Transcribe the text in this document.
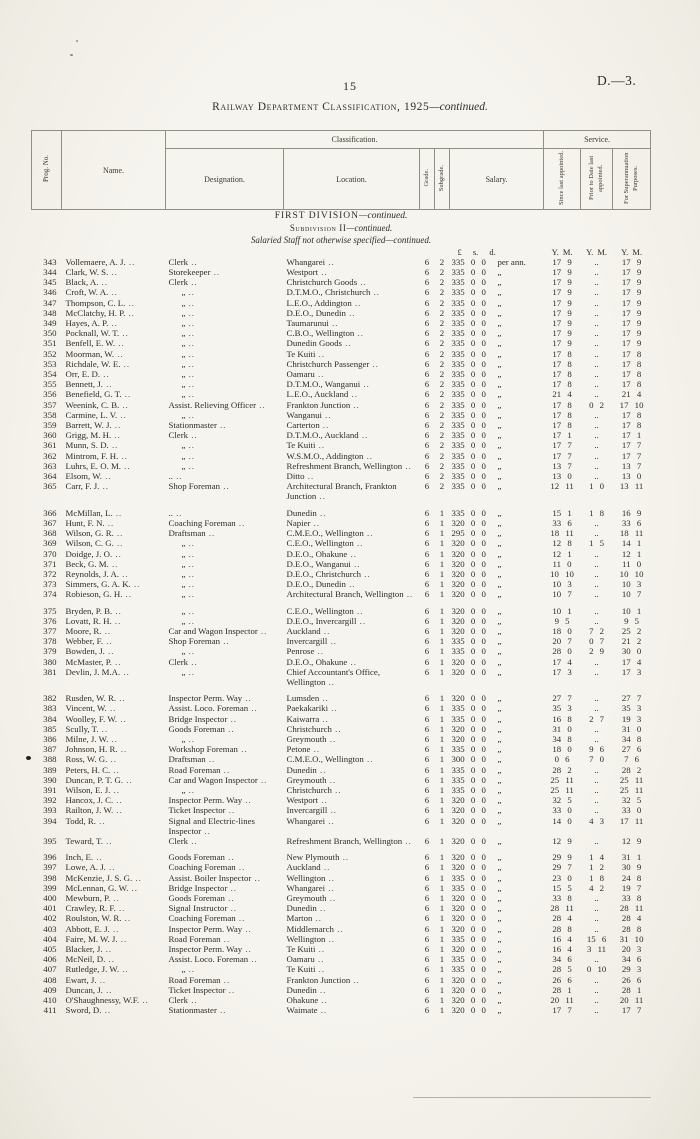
15	D.—3.
Railway Department Classification, 1925—continued.
Prog. No.	Name.	Classification.					Service.		
		Designation.	Location.	Grade.	Subgrade.	Salary.	Since last appointed.	Prior to Date last appointed.	For Superannuation Purposes.
FIRST DIVISION—continued.									
Subdivision II—continued.									
Salaried Staff not otherwise specified—continued.									
						£ s. d.	Y. M.	Y. M.	Y. M.
343	Vollemaere, A. J. ..	Clerk ..	Whangarei ..	6	2	335 0 0 per ann.	17 9	..	17 9
344	Clark, W. S. ..	Storekeeper ..	Westport ..	6	2	335 0 0 „	17 9	..	17 9
345	Black, A. ..	Clerk ..	Christchurch Goods ..	6	2	335 0 0 „	17 9	..	17 9
346	Croft, W. A. ..	„ ..	D.T.M.O., Christchurch ..	6	2	335 0 0 „	17 9	..	17 9
347	Thompson, C. L. ..	„ ..	L.E.O., Addington ..	6	2	335 0 0 „	17 9	..	17 9
348	McClatchy, H. P. ..	„ ..	D.E.O., Dunedin ..	6	2	335 0 0 „	17 9	..	17 9
349	Hayes, A. P. ..	„ ..	Taumarunui ..	6	2	335 0 0 „	17 9	..	17 9
350	Pocknall, W. T. ..	„ ..	C.B.O., Wellington ..	6	2	335 0 0 „	17 9	..	17 9
351	Benfell, E. W. ..	„ ..	Dunedin Goods ..	6	2	335 0 0 „	17 9	..	17 9
352	Moorman, W. ..	„ ..	Te Kuiti ..	6	2	335 0 0 „	17 8	..	17 8
353	Richdale, W. E. ..	„ ..	Christchurch Passenger ..	6	2	335 0 0 „	17 8	..	17 8
354	Orr, E. D. ..	„ ..	Oamaru ..	6	2	335 0 0 „	17 8	..	17 8
355	Bennett, J. ..	„ ..	D.T.M.O., Wanganui ..	6	2	335 0 0 „	17 8	..	17 8
356	Benefield, G. T. ..	„ ..	L.E.O., Auckland ..	6	2	335 0 0 „	21 4	..	21 4
357	Weenink, C. B. ..	Assist. Relieving Officer ..	Frankton Junction ..	6	2	335 0 0 „	17 8	0 2	17 10
358	Carmine, L. V. ..	„ ..	Wanganui ..	6	2	335 0 0 „	17 8	..	17 8
359	Barrett, W. J. ..	Stationmaster ..	Carterton ..	6	2	335 0 0 „	17 8	..	17 8
360	Grigg, M. H. ..	Clerk ..	D.T.M.O., Auckland ..	6	2	335 0 0 „	17 1	..	17 1
361	Munn, S. D. ..	„ ..	Te Kuiti ..	6	2	335 0 0 „	17 7	..	17 7
362	Mintrom, F. H. ..	„ ..	W.S.M.O., Addington ..	6	2	335 0 0 „	17 7	..	17 7
363	Luhrs, E. O. M. ..	„ ..	Refreshment Branch, Wellington ..	6	2	335 0 0 „	13 7	..	13 7
364	Elsom, W. ..	.. ..	Ditto ..	6	2	335 0 0 „	13 0	..	13 0
365	Carr, F. J. ..	Shop Foreman ..	Architectural Branch, Frankton Junction ..	6	2	335 0 0 „	12 11	1 0	13 11
366	McMillan, L. ..	.. ..	Dunedin ..	6	1	335 0 0 „	15 1	1 8	16 9
367	Hunt, F. N. ..	Coaching Foreman ..	Napier ..	6	1	320 0 0 „	33 6	..	33 6
368	Wilson, G. R. ..	Draftsman ..	C.M.E.O., Wellington ..	6	1	295 0 0 „	18 11	..	18 11
369	Wilson, C. G. ..	„ ..	C.E.O., Wellington ..	6	1	320 0 0 „	12 8	1 5	14 1
370	Doidge, J. O. ..	„ ..	D.E.O., Ohakune ..	6	1	320 0 0 „	12 1	..	12 1
371	Beck, G. M. ..	„ ..	D.E.O., Wanganui ..	6	1	320 0 0 „	11 0	..	11 0
372	Reynolds, J. A. ..	„ ..	D.E.O., Christchurch ..	6	1	320 0 0 „	10 10	..	10 10
373	Simmers, G. A. K. ..	„ ..	D.E.O., Dunedin ..	6	1	320 0 0 „	10 3	..	10 3
374	Robieson, G. H. ..	„ ..	Architectural Branch, Wellington ..	6	1	320 0 0 „	10 7	..	10 7
375	Bryden, P. B. ..	„ ..	C.E.O., Wellington ..	6	1	320 0 0 „	10 1	..	10 1
376	Lovatt, R. H. ..	„ ..	D.E.O., Invercargill ..	6	1	320 0 0 „	9 5	..	9 5
377	Moore, R. ..	Car and Wagon Inspector ..	Auckland ..	6	1	320 0 0 „	18 0	7 2	25 2
378	Webber, F. ..	Shop Foreman ..	Invercargill ..	6	1	335 0 0 „	20 7	0 7	21 2
379	Bowden, J. ..	„ ..	Penrose ..	6	1	335 0 0 „	28 0	2 9	30 0
380	McMaster, P. ..	Clerk ..	D.E.O., Ohakune ..	6	1	320 0 0 „	17 4	..	17 4
381	Devlin, J. M.A. ..	„ ..	Chief Accountant's Office, Wellington ..	6	1	320 0 0 „	17 3	..	17 3
382	Rusden, W. R. ..	Inspector Perm. Way ..	Lumsden ..	6	1	320 0 0 „	27 7	..	27 7
383	Vincent, W. ..	Assist. Loco. Foreman ..	Paekakariki ..	6	1	335 0 0 „	35 3	..	35 3
384	Woolley, F. W. ..	Bridge Inspector ..	Kaiwarra ..	6	1	335 0 0 „	16 8	2 7	19 3
385	Scully, T. ..	Goods Foreman ..	Christchurch ..	6	1	320 0 0 „	31 0	..	31 0
386	Milne, J. W. ..	„ ..	Greymouth ..	6	1	320 0 0 „	34 8	..	34 8
387	Johnson, H. R. ..	Workshop Foreman ..	Petone ..	6	1	335 0 0 „	18 0	9 6	27 6
388	Ross, W. G. ..	Draftsman ..	C.M.E.O., Wellington ..	6	1	300 0 0 „	0 6	7 0	7 6
389	Peters, H. C. ..	Road Foreman ..	Dunedin ..	6	1	335 0 0 „	28 2	..	28 2
390	Duncan, P. T. G. ..	Car and Wagon Inspector ..	Greymouth ..	6	1	335 0 0 „	25 11	..	25 11
391	Wilson, E. J. ..	„ ..	Christchurch ..	6	1	335 0 0 „	25 11	..	25 11
392	Hancox, J. C. ..	Inspector Perm. Way ..	Westport ..	6	1	320 0 0 „	32 5	..	32 5
393	Railton, J. W. ..	Ticket Inspector ..	Invercargill ..	6	1	320 0 0 „	33 0	..	33 0
394	Todd, R. ..	Signal and Electric-lines Inspector ..	Whangarei ..	6	1	320 0 0 „	14 0	4 3	17 11
395	Teward, T. ..	Clerk ..	Refreshment Branch, Wellington ..	6	1	320 0 0 „	12 9	..	12 9
396	Inch, E. ..	Goods Foreman ..	New Plymouth ..	6	1	320 0 0 „	29 9	1 4	31 1
397	Lowe, A. J. ..	Coaching Foreman ..	Auckland ..	6	1	320 0 0 „	29 7	1 2	30 9
398	McKenzie, J. S. G. ..	Assist. Boiler Inspector ..	Wellington ..	6	1	335 0 0 „	23 0	1 8	24 8
399	McLennan, G. W. ..	Bridge Inspector ..	Whangarei ..	6	1	335 0 0 „	15 5	4 2	19 7
400	Mewburn, P. ..	Goods Foreman ..	Greymouth ..	6	1	320 0 0 „	33 8	..	33 8
401	Crawley, R. F. ..	Signal Instructor ..	Dunedin ..	6	1	320 0 0 „	28 11	..	28 11
402	Roulston, W. R. ..	Coaching Foreman ..	Marton ..	6	1	320 0 0 „	28 4	..	28 4
403	Abbott, E. J. ..	Inspector Perm. Way ..	Middlemarch ..	6	1	320 0 0 „	28 8	..	28 8
404	Faire, M. W. J. ..	Road Foreman ..	Wellington ..	6	1	335 0 0 „	16 4	15 6	31 10
405	Blacker, J. ..	Inspector Perm. Way ..	Te Kuiti ..	6	1	320 0 0 „	16 4	3 11	20 3
406	McNeil, D. ..	Assist. Loco. Foreman ..	Oamaru ..	6	1	335 0 0 „	34 6	..	34 6
407	Rutledge, J. W. ..	„ ..	Te Kuiti ..	6	1	335 0 0 „	28 5	0 10	29 3
408	Ewart, J. ..	Road Foreman ..	Frankton Junction ..	6	1	320 0 0 „	26 6	..	26 6
409	Duncan, J. ..	Ticket Inspector ..	Dunedin ..	6	1	320 0 0 „	28 1	..	28 1
410	O'Shaughnessy, W.F. ..	Clerk ..	Ohakune ..	6	1	320 0 0 „	20 11	..	20 11
411	Sword, D. ..	Stationmaster ..	Waimate ..	6	1	320 0 0 „	17 7	..	17 7
